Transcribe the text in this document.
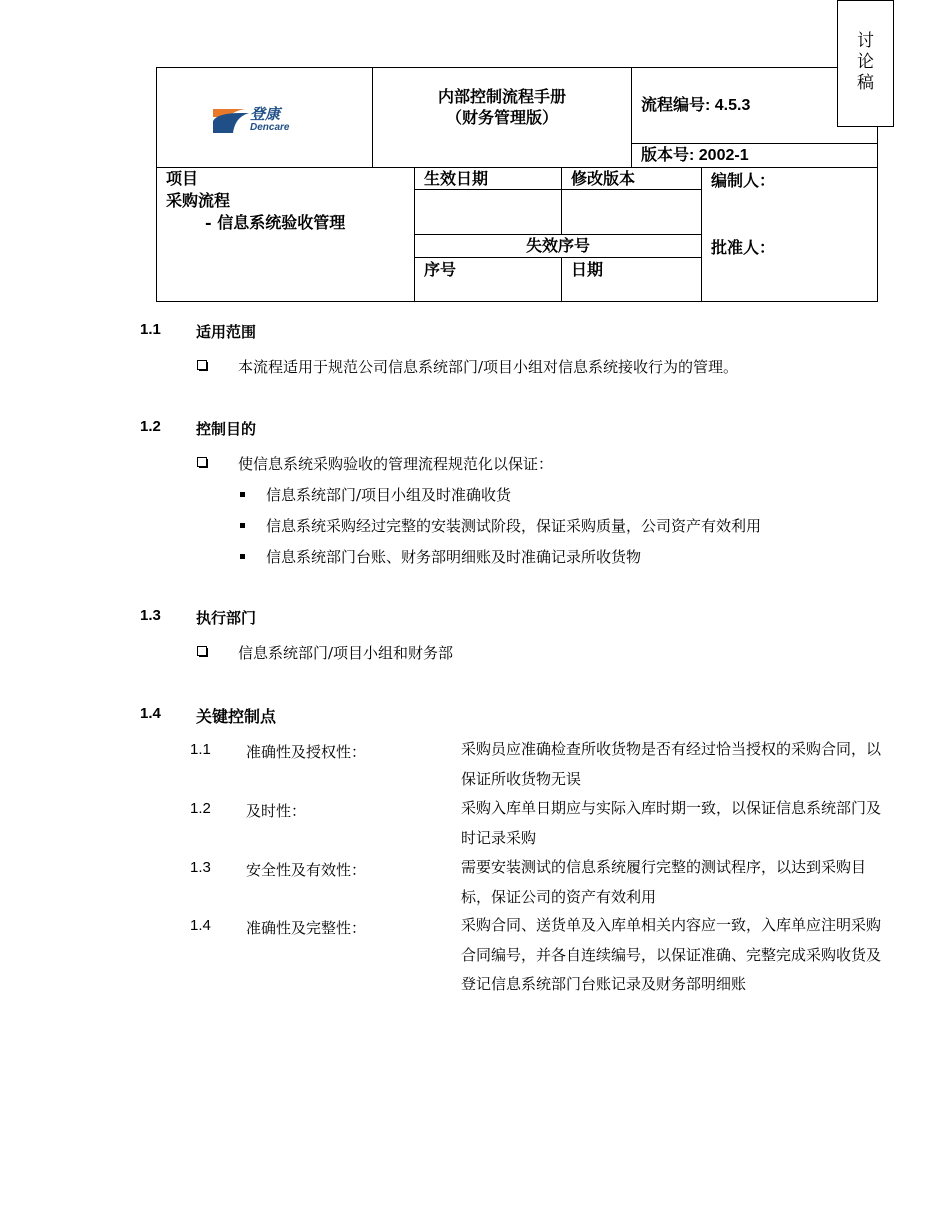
讨
论
稿
登康
Dencare
内部控制流程手册
（财务管理版）
流程编号: 4.5.3
版本号: 2002-1
项目
采购流程
- 信息系统验收管理
生效日期	修改版本
失效序号
序号	日期
编制人：
批准人：
1.1 适用范围
本流程适用于规范公司信息系统部门/项目小组对信息系统接收行为的管理。
1.2 控制目的
使信息系统采购验收的管理流程规范化以保证：
信息系统部门/项目小组及时准确收货
信息系统采购经过完整的安装测试阶段，保证采购质量，公司资产有效利用
信息系统部门台账、财务部明细账及时准确记录所收货物
1.3 执行部门
信息系统部门/项目小组和财务部
1.4 关键控制点
1.1 准确性及授权性：	采购员应准确检查所收货物是否有经过恰当授权的采购合同，以保证所收货物无误
1.2 及时性：	采购入库单日期应与实际入库时期一致，以保证信息系统部门及时记录采购
1.3 安全性及有效性：	需要安装测试的信息系统履行完整的测试程序，以达到采购目标，保证公司的资产有效利用
1.4 准确性及完整性：	采购合同、送货单及入库单相关内容应一致，入库单应注明采购合同编号，并各自连续编号，以保证准确、完整完成采购收货及登记信息系统部门台账记录及财务部明细账
